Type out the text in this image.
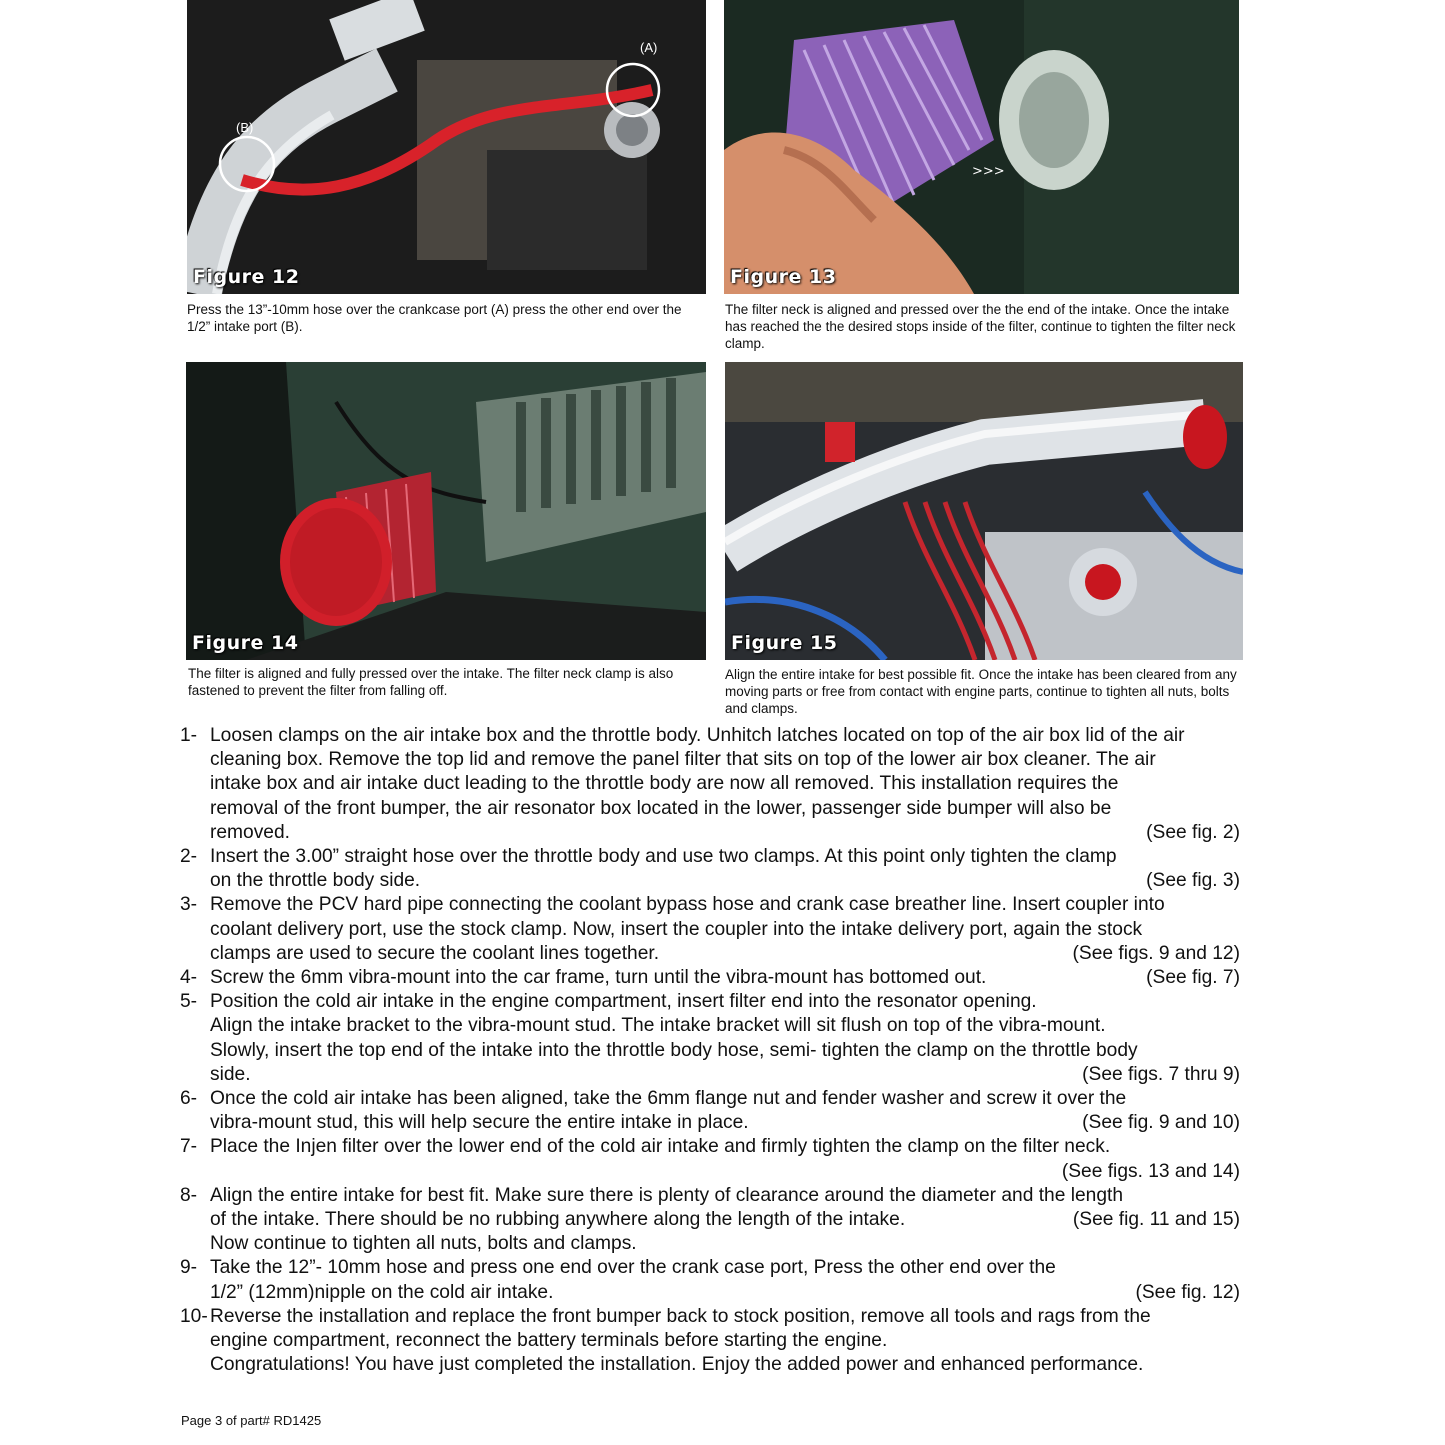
(A)
(B)
Figure 12
Press the 13”-10mm hose over the crankcase port (A) press the other end over the 1/2” intake port (B).
>>>
Figure 13
The filter neck is aligned and pressed over the the end of the intake. Once the intake has reached the the desired stops inside of the filter, continue to tighten the filter neck clamp.
Figure 14
The filter is aligned and fully pressed over the intake. The filter neck clamp is also fastened to prevent the filter from falling off.
Figure 15
Align the entire intake for best possible fit. Once the intake has been cleared from any moving parts or free from contact with engine parts, continue to tighten all nuts, bolts and clamps.
1- Loosen clamps on the air intake box and the throttle body. Unhitch latches located on top of the air box lid of the air
cleaning box. Remove the top lid and remove the panel filter that sits on top of the lower air box cleaner. The air
intake box and air intake duct leading to the throttle body are now all removed. This installation requires the
removal of the front bumper, the air resonator box located in the lower, passenger side bumper will also be
removed.	(See fig. 2)
2- Insert the 3.00” straight hose over the throttle body and use two clamps. At this point only tighten the clamp
on the throttle body side.	(See fig. 3)
3- Remove the PCV hard pipe connecting the coolant bypass hose and crank case breather line. Insert coupler into
coolant delivery port, use the stock clamp. Now, insert the coupler into the intake delivery port, again the stock
clamps are used to secure the coolant lines together.	(See figs. 9 and 12)
4- Screw the 6mm vibra-mount into the car frame, turn until the vibra-mount has bottomed out.	(See fig. 7)
5- Position the cold air intake in the engine compartment, insert filter end into the resonator opening.
Align the intake bracket to the vibra-mount stud. The intake bracket will sit flush on top of the vibra-mount.
Slowly, insert the top end of the intake into the throttle body hose, semi- tighten the clamp on the throttle body
side.	(See figs. 7 thru 9)
6- Once the cold air intake has been aligned, take the 6mm flange nut and fender washer and screw it over the
vibra-mount stud, this will help secure the entire intake in place.	(See fig. 9 and 10)
7- Place the Injen filter over the lower end of the cold air intake and firmly tighten the clamp on the filter neck.
(See figs. 13 and 14)
8- Align the entire intake for best fit. Make sure there is plenty of clearance around the diameter and the length
of the intake. There should be no rubbing anywhere along the length of the intake.	(See fig. 11 and 15)
Now continue to tighten all nuts, bolts and clamps.
9- Take the 12”- 10mm hose and press one end over the crank case port, Press the other end over the
1/2” (12mm)nipple on the cold air intake.	(See fig. 12)
10- Reverse the installation and replace the front bumper back to stock position, remove all tools and rags from the
engine compartment, reconnect the battery terminals before starting the engine.
Congratulations! You have just completed the installation. Enjoy the added power and enhanced performance.
Page 3 of part# RD1425
